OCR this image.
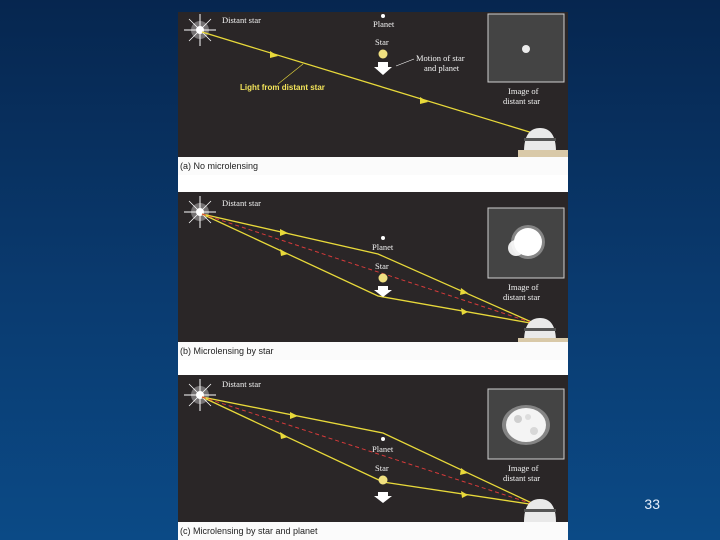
Distant star
Light from distant star
Planet
Star
Motion of star
and planet
Image of
distant star
(a) No microlensing
Distant star
Planet
Star
Image of
distant star
(b) Microlensing by star
Distant star
Planet
Star	Image of
distant star
(c) Microlensing by star and planet
33
